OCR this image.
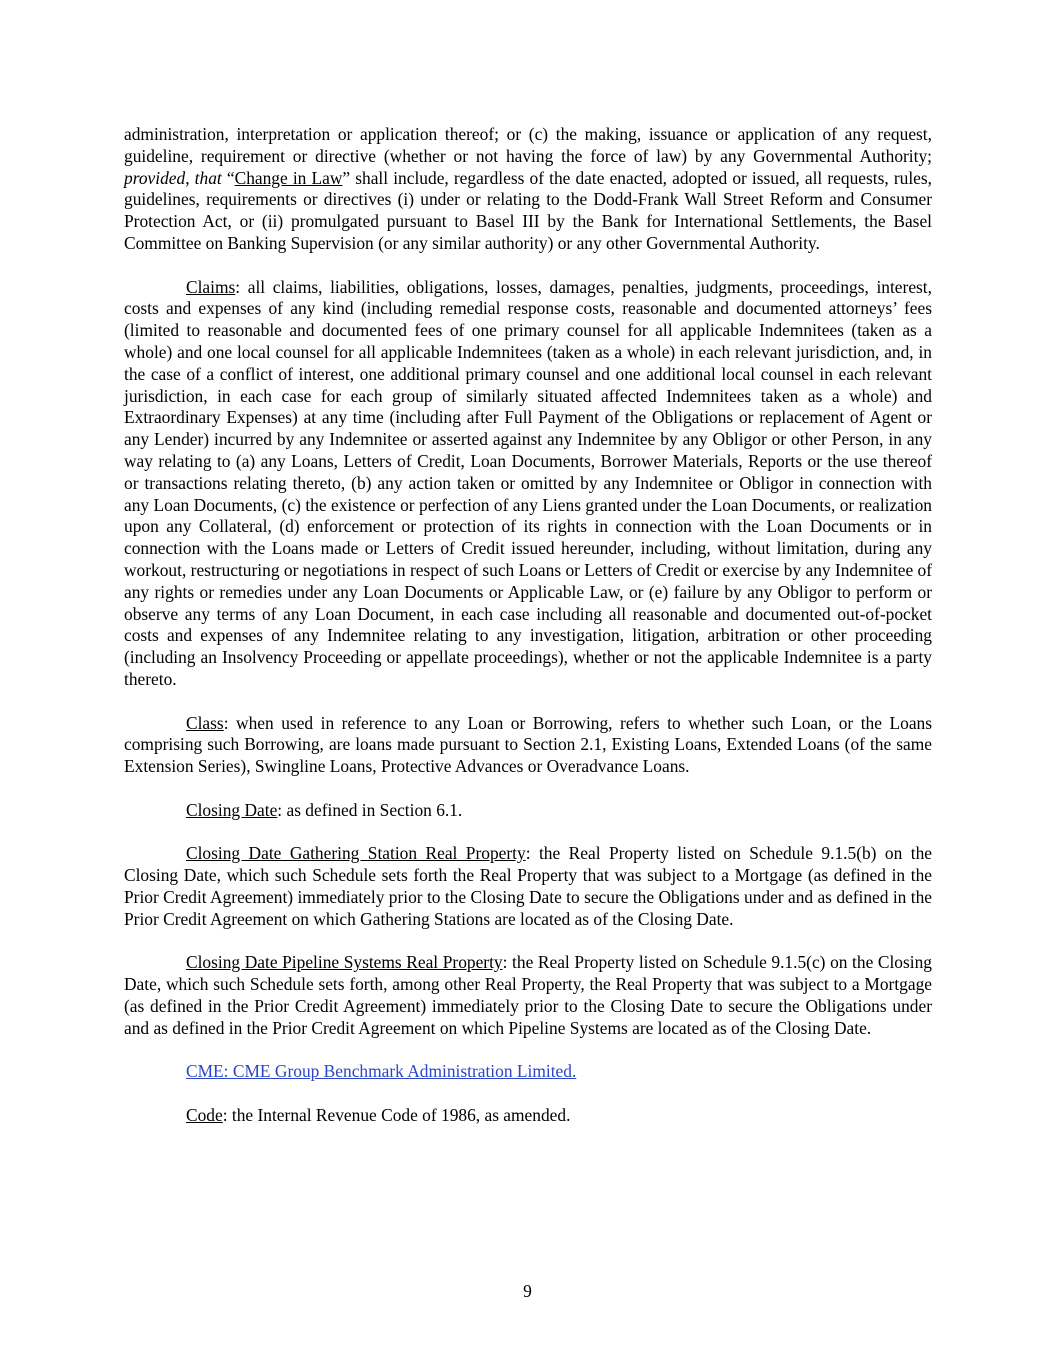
administration, interpretation or application thereof; or (c) the making, issuance or application of any request, guideline, requirement or directive (whether or not having the force of law) by any Governmental Authority; provided, that “Change in Law” shall include, regardless of the date enacted, adopted or issued, all requests, rules, guidelines, requirements or directives (i) under or relating to the Dodd-Frank Wall Street Reform and Consumer Protection Act, or (ii) promulgated pursuant to Basel III by the Bank for International Settlements, the Basel Committee on Banking Supervision (or any similar authority) or any other Governmental Authority.

Claims: all claims, liabilities, obligations, losses, damages, penalties, judgments, proceedings, interest, costs and expenses of any kind (including remedial response costs, reasonable and documented attorneys’ fees (limited to reasonable and documented fees of one primary counsel for all applicable Indemnitees (taken as a whole) and one local counsel for all applicable Indemnitees (taken as a whole) in each relevant jurisdiction, and, in the case of a conflict of interest, one additional primary counsel and one additional local counsel in each relevant jurisdiction, in each case for each group of similarly situated affected Indemnitees taken as a whole) and Extraordinary Expenses) at any time (including after Full Payment of the Obligations or replacement of Agent or any Lender) incurred by any Indemnitee or asserted against any Indemnitee by any Obligor or other Person, in any way relating to (a) any Loans, Letters of Credit, Loan Documents, Borrower Materials, Reports or the use thereof or transactions relating thereto, (b) any action taken or omitted by any Indemnitee or Obligor in connection with any Loan Documents, (c) the existence or perfection of any Liens granted under the Loan Documents, or realization upon any Collateral, (d) enforcement or protection of its rights in connection with the Loan Documents or in connection with the Loans made or Letters of Credit issued hereunder, including, without limitation, during any workout, restructuring or negotiations in respect of such Loans or Letters of Credit or exercise by any Indemnitee of any rights or remedies under any Loan Documents or Applicable Law, or (e) failure by any Obligor to perform or observe any terms of any Loan Document, in each case including all reasonable and documented out-of-pocket costs and expenses of any Indemnitee relating to any investigation, litigation, arbitration or other proceeding (including an Insolvency Proceeding or appellate proceedings), whether or not the applicable Indemnitee is a party thereto.

Class: when used in reference to any Loan or Borrowing, refers to whether such Loan, or the Loans comprising such Borrowing, are loans made pursuant to Section 2.1, Existing Loans, Extended Loans (of the same Extension Series), Swingline Loans, Protective Advances or Overadvance Loans.

Closing Date: as defined in Section 6.1.

Closing Date Gathering Station Real Property: the Real Property listed on Schedule 9.1.5(b) on the Closing Date, which such Schedule sets forth the Real Property that was subject to a Mortgage (as defined in the Prior Credit Agreement) immediately prior to the Closing Date to secure the Obligations under and as defined in the Prior Credit Agreement on which Gathering Stations are located as of the Closing Date.

Closing Date Pipeline Systems Real Property: the Real Property listed on Schedule 9.1.5(c) on the Closing Date, which such Schedule sets forth, among other Real Property, the Real Property that was subject to a Mortgage (as defined in the Prior Credit Agreement) immediately prior to the Closing Date to secure the Obligations under and as defined in the Prior Credit Agreement on which Pipeline Systems are located as of the Closing Date.

CME: CME Group Benchmark Administration Limited.

Code: the Internal Revenue Code of 1986, as amended.

9
